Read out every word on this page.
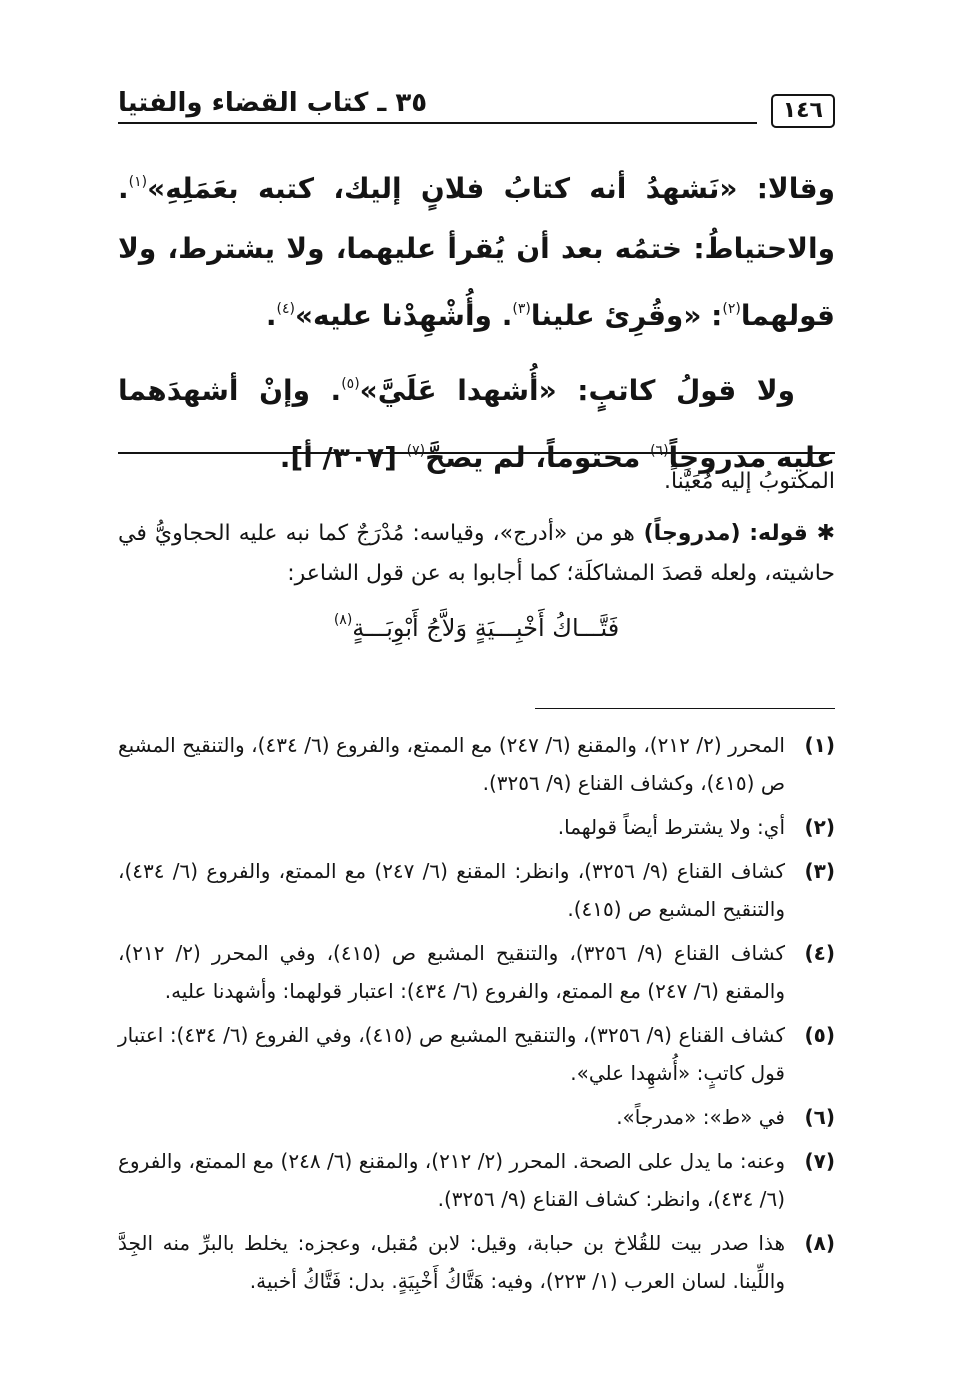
١٤٦
٣٥ ـ كتاب القضاء والفتيا

وقالا: «نَشهدُ أنه كتابُ فلانٍ إليك، كتبه بعَمَلِهِ»$^{(١)}$. والاحتياطُ: ختمُه بعد أن يُقرأ عليهما، ولا يشترط، ولا قولهما$^{(٢)}$: «وقُرِئ علينا$^{(٣)}$. وأُشْهِدْنا عليه»$^{(٤)}$.

ولا قولُ كاتبٍ: «أُشهدا عَلَيَّ»$^{(٥)}$. وإنْ أشهدَهما عليه مدروجاً$^{(٦)}$ مختوماً، لم يصحَّ$^{(٧)}$ [٣٠٧/ أ].

المكتوبُ إليه مُعَيَّناً.

✱ قوله: (مدروجاً) هو من «أدرج»، وقياسه: مُدْرَجٌ كما نبه عليه الحجاويُّ في حاشيته، ولعله قصدَ المشاكلَة؛ كما أجابوا به عن قول الشاعر:

فَتَّـــاكُ أَخْبِـــيَةٍ وَلاَّجُ أَبْوِبَـــةٍ$^{(٨)}$

(١)
المحرر (٢/ ٢١٢)، والمقنع (٦/ ٢٤٧) مع الممتع، والفروع (٦/ ٤٣٤)، والتنقيح المشبع ص (٤١٥)، وكشاف القناع (٩/ ٣٢٥٦).
(٢)
أي: ولا يشترط أيضاً قولهما.
(٣)
كشاف القناع (٩/ ٣٢٥٦)، وانظر: المقنع (٦/ ٢٤٧) مع الممتع، والفروع (٦/ ٤٣٤)، والتنقيح المشبع ص (٤١٥).
(٤)
كشاف القناع (٩/ ٣٢٥٦)، والتنقيح المشبع ص (٤١٥)، وفي المحرر (٢/ ٢١٢)، والمقنع (٦/ ٢٤٧) مع الممتع، والفروع (٦/ ٤٣٤): اعتبار قولهما: وأشهدنا عليه.
(٥)
كشاف القناع (٩/ ٣٢٥٦)، والتنقيح المشبع ص (٤١٥)، وفي الفروع (٦/ ٤٣٤): اعتبار قول كاتبٍ: «أُشهِدا علي».
(٦)
في «ط»: «مدرجاً».
(٧)
وعنه: ما يدل على الصحة. المحرر (٢/ ٢١٢)، والمقنع (٦/ ٢٤٨) مع الممتع، والفروع (٦/ ٤٣٤)، وانظر: كشاف القناع (٩/ ٣٢٥٦).
(٨)
هذا صدر بيت للقُلاخ بن حبابة، وقيل: لابن مُقبل، وعجزه: يخلط بالبرِّ منه الجِدَّ واللِّينا. لسان العرب (١/ ٢٢٣)، وفيه: هَتَّاكُ أَخْبِيَةٍ. بدل: فَتَّاكُ أخبية.
